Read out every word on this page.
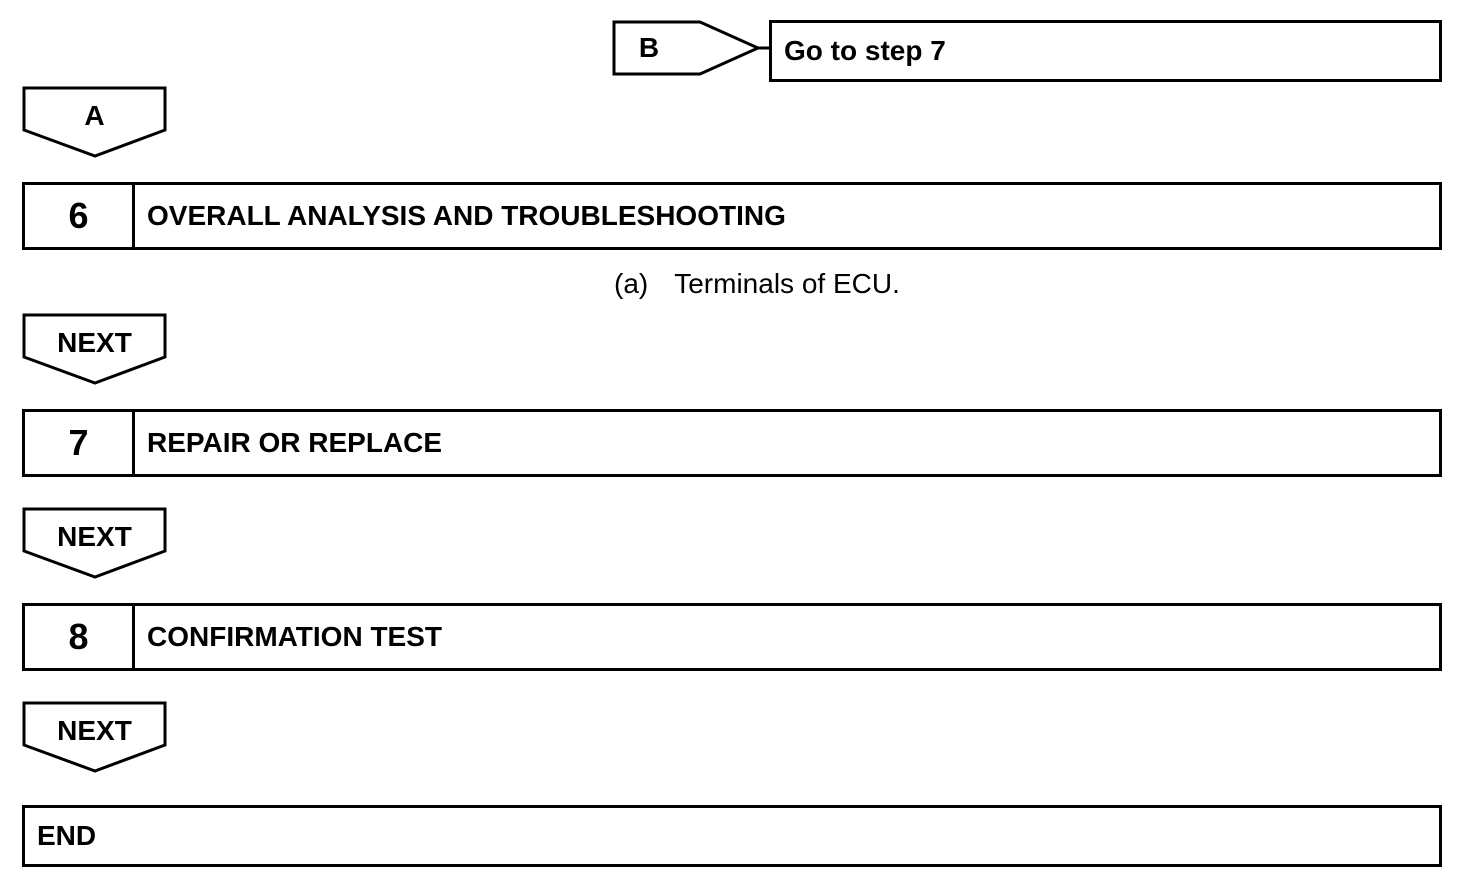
B	Go to step 7
A
6	OVERALL ANALYSIS AND TROUBLESHOOTING
(a) Terminals of ECU.
NEXT
7	REPAIR OR REPLACE
NEXT
8	CONFIRMATION TEST
NEXT
END
